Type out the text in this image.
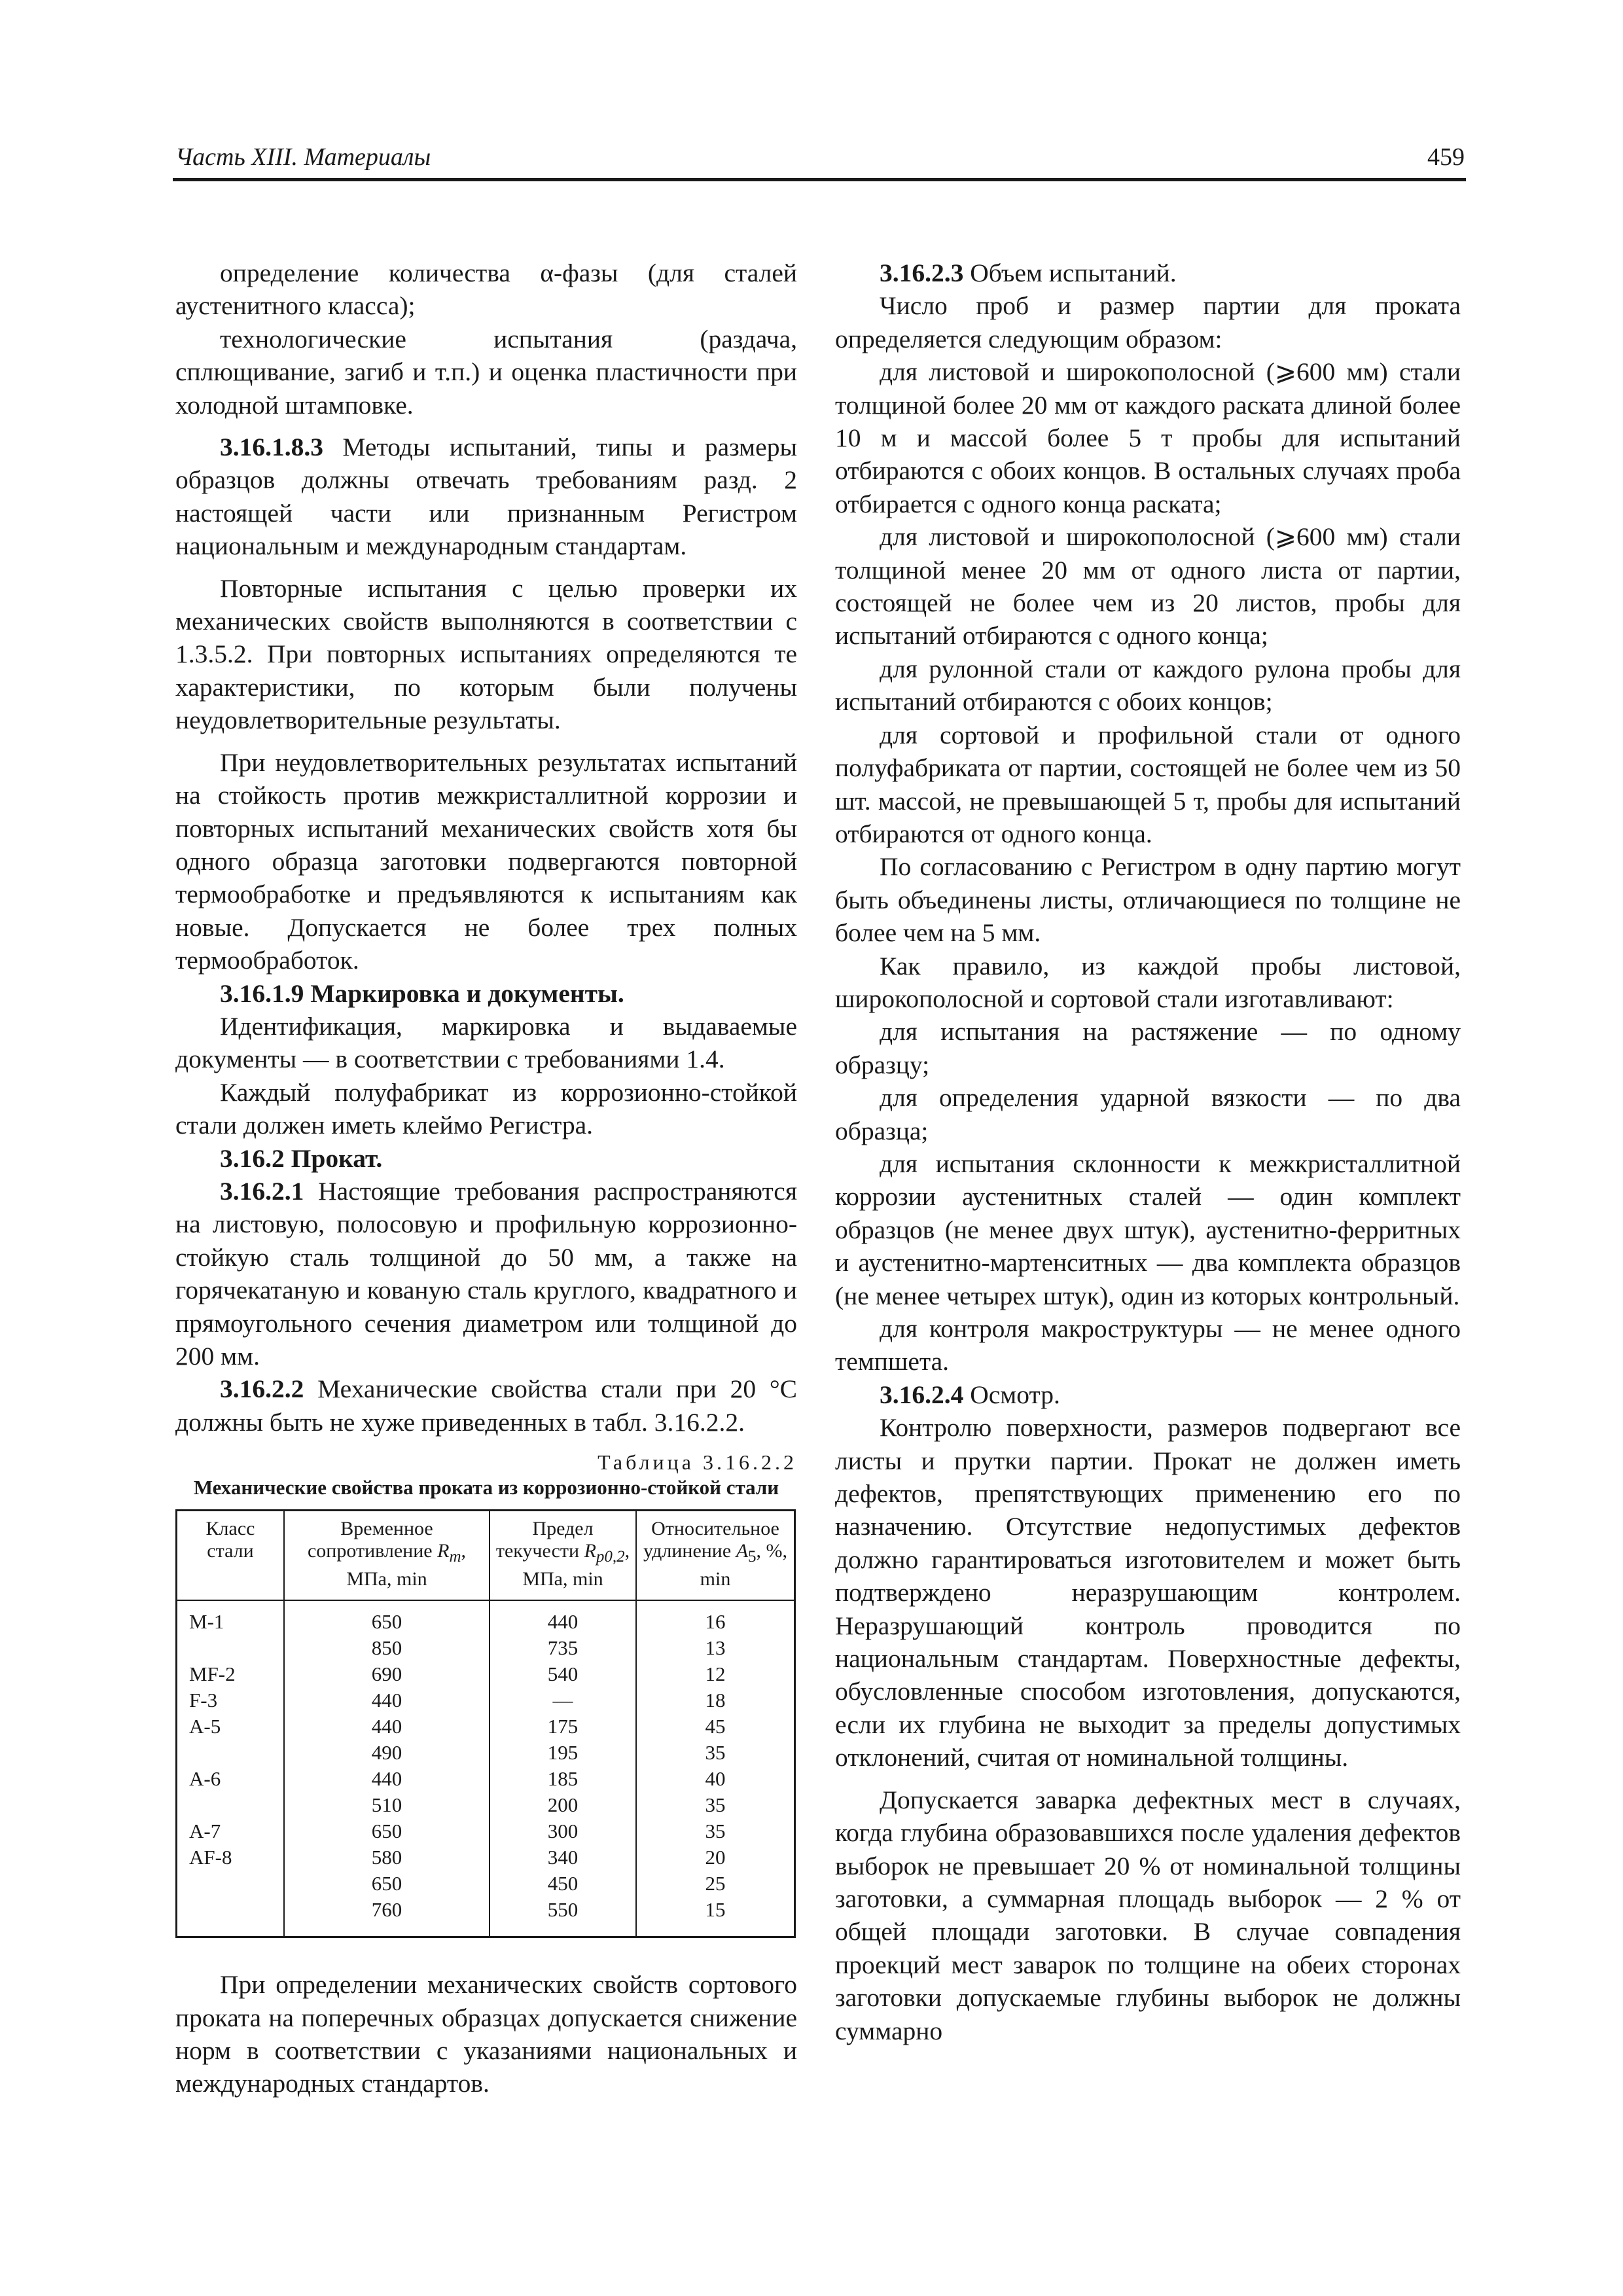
Часть XIII. Материалы	459

определение количества α-фазы (для сталей аустенитного класса);

технологические испытания (раздача, сплющивание, загиб и т.п.) и оценка пластичности при холодной штамповке.

3.16.1.8.3 Методы испытаний, типы и размеры образцов должны отвечать требованиям разд. 2 настоящей части или признанным Регистром национальным и международным стандартам.

Повторные испытания с целью проверки их механических свойств выполняются в соответствии с 1.3.5.2. При повторных испытаниях определяются те характеристики, по которым были получены неудовлетворительные результаты.

При неудовлетворительных результатах испытаний на стойкость против межкристаллитной коррозии и повторных испытаний механических свойств хотя бы одного образца заготовки подвергаются повторной термообработке и предъявляются к испытаниям как новые. Допускается не более трех полных термообработок.

3.16.1.9 Маркировка и документы.

Идентификация, маркировка и выдаваемые документы — в соответствии с требованиями 1.4.

Каждый полуфабрикат из коррозионно-стойкой стали должен иметь клеймо Регистра.

3.16.2 Прокат.

3.16.2.1 Настоящие требования распространяются на листовую, полосовую и профильную коррозионно-стойкую сталь толщиной до 50 мм, а также на горячекатаную и кованую сталь круглого, квадратного и прямоугольного сечения диаметром или толщиной до 200 мм.

3.16.2.2 Механические свойства стали при 20 °С должны быть не хуже приведенных в табл. 3.16.2.2.

Таблица 3.16.2.2
Механические свойства проката из коррозионно-стойкой стали
Класс стали	Временное сопротивление $R_m$, МПа, min	Предел текучести $R_{p0,2}$, МПа, min	Относительное удлинение $A_5$, %, min
M-1	650	440	16
	850	735	13
MF-2	690	540	12
F-3	440	—	18
A-5	440	175	45
	490	195	35
A-6	440	185	40
	510	200	35
A-7	650	300	35
AF-8	580	340	20
	650	450	25
	760	550	15

При определении механических свойств сортового проката на поперечных образцах допускается снижение норм в соответствии с указаниями национальных и международных стандартов.

3.16.2.3 Объем испытаний.

Число проб и размер партии для проката определяется следующим образом:

для листовой и широкополосной (⩾600 мм) стали толщиной более 20 мм от каждого раската длиной более 10 м и массой более 5 т пробы для испытаний отбираются с обоих концов. В остальных случаях проба отбирается с одного конца раската;

для листовой и широкополосной (⩾600 мм) стали толщиной менее 20 мм от одного листа от партии, состоящей не более чем из 20 листов, пробы для испытаний отбираются с одного конца;

для рулонной стали от каждого рулона пробы для испытаний отбираются с обоих концов;

для сортовой и профильной стали от одного полуфабриката от партии, состоящей не более чем из 50 шт. массой, не превышающей 5 т, пробы для испытаний отбираются от одного конца.

По согласованию с Регистром в одну партию могут быть объединены листы, отличающиеся по толщине не более чем на 5 мм.

Как правило, из каждой пробы листовой, широкополосной и сортовой стали изготавливают:

для испытания на растяжение — по одному образцу;

для определения ударной вязкости — по два образца;

для испытания склонности к межкристаллитной коррозии аустенитных сталей — один комплект образцов (не менее двух штук), аустенитно-ферритных и аустенитно-мартенситных — два комплекта образцов (не менее четырех штук), один из которых контрольный.

для контроля макроструктуры — не менее одного темпшета.

3.16.2.4 Осмотр.

Контролю поверхности, размеров подвергают все листы и прутки партии. Прокат не должен иметь дефектов, препятствующих применению его по назначению. Отсутствие недопустимых дефектов должно гарантироваться изготовителем и может быть подтверждено неразрушающим контролем. Неразрушающий контроль проводится по национальным стандартам. Поверхностные дефекты, обусловленные способом изготовления, допускаются, если их глубина не выходит за пределы допустимых отклонений, считая от номинальной толщины.

Допускается заварка дефектных мест в случаях, когда глубина образовавшихся после удаления дефектов выборок не превышает 20 % от номинальной толщины заготовки, а суммарная площадь выборок — 2 % от общей площади заготовки. В случае совпадения проекций мест заварок по толщине на обеих сторонах заготовки допускаемые глубины выборок не должны суммарно
